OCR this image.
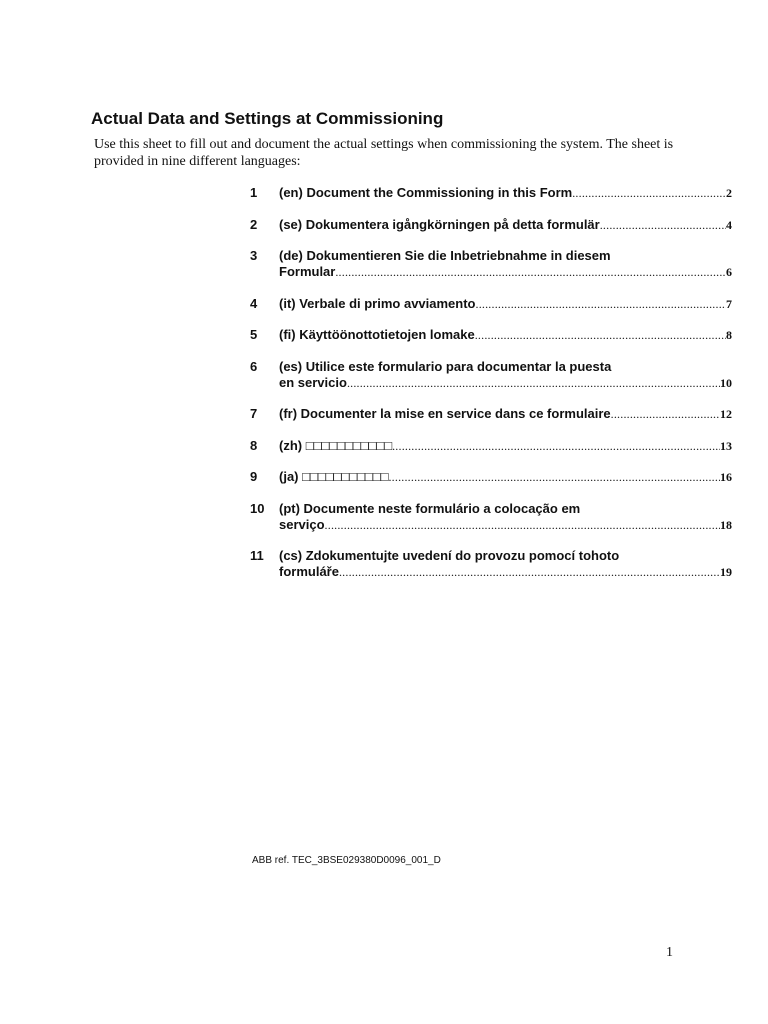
Actual Data and Settings at Commissioning

Use this sheet to fill out and document the actual settings when commissioning the system. The sheet is provided in nine different languages:

1 (en) Document the Commissioning in this Form .....	2
2 (se) Dokumentera igångkörningen på detta formulär .....	4
3 (de) Dokumentieren Sie die Inbetriebnahme in diesem
Formular .....	6
4 (it) Verbale di primo avviamento .....	7
5 (fi) Käyttöönottotietojen lomake .....	8
6 (es) Utilice este formulario para documentar la puesta
en servicio .....	10
7 (fr) Documenter la mise en service dans ce formulaire .....	12
8 (zh) □□□□□□□□□□□ .....	13
9 (ja) □□□□□□□□□□□ .....	16
10 (pt) Documente neste formulário a colocação em
serviço .....	18
11 (cs) Zdokumentujte uvedení do provozu pomocí tohoto
formuláře .....	19

ABB ref. TEC_3BSE029380D0096_001_D

1
